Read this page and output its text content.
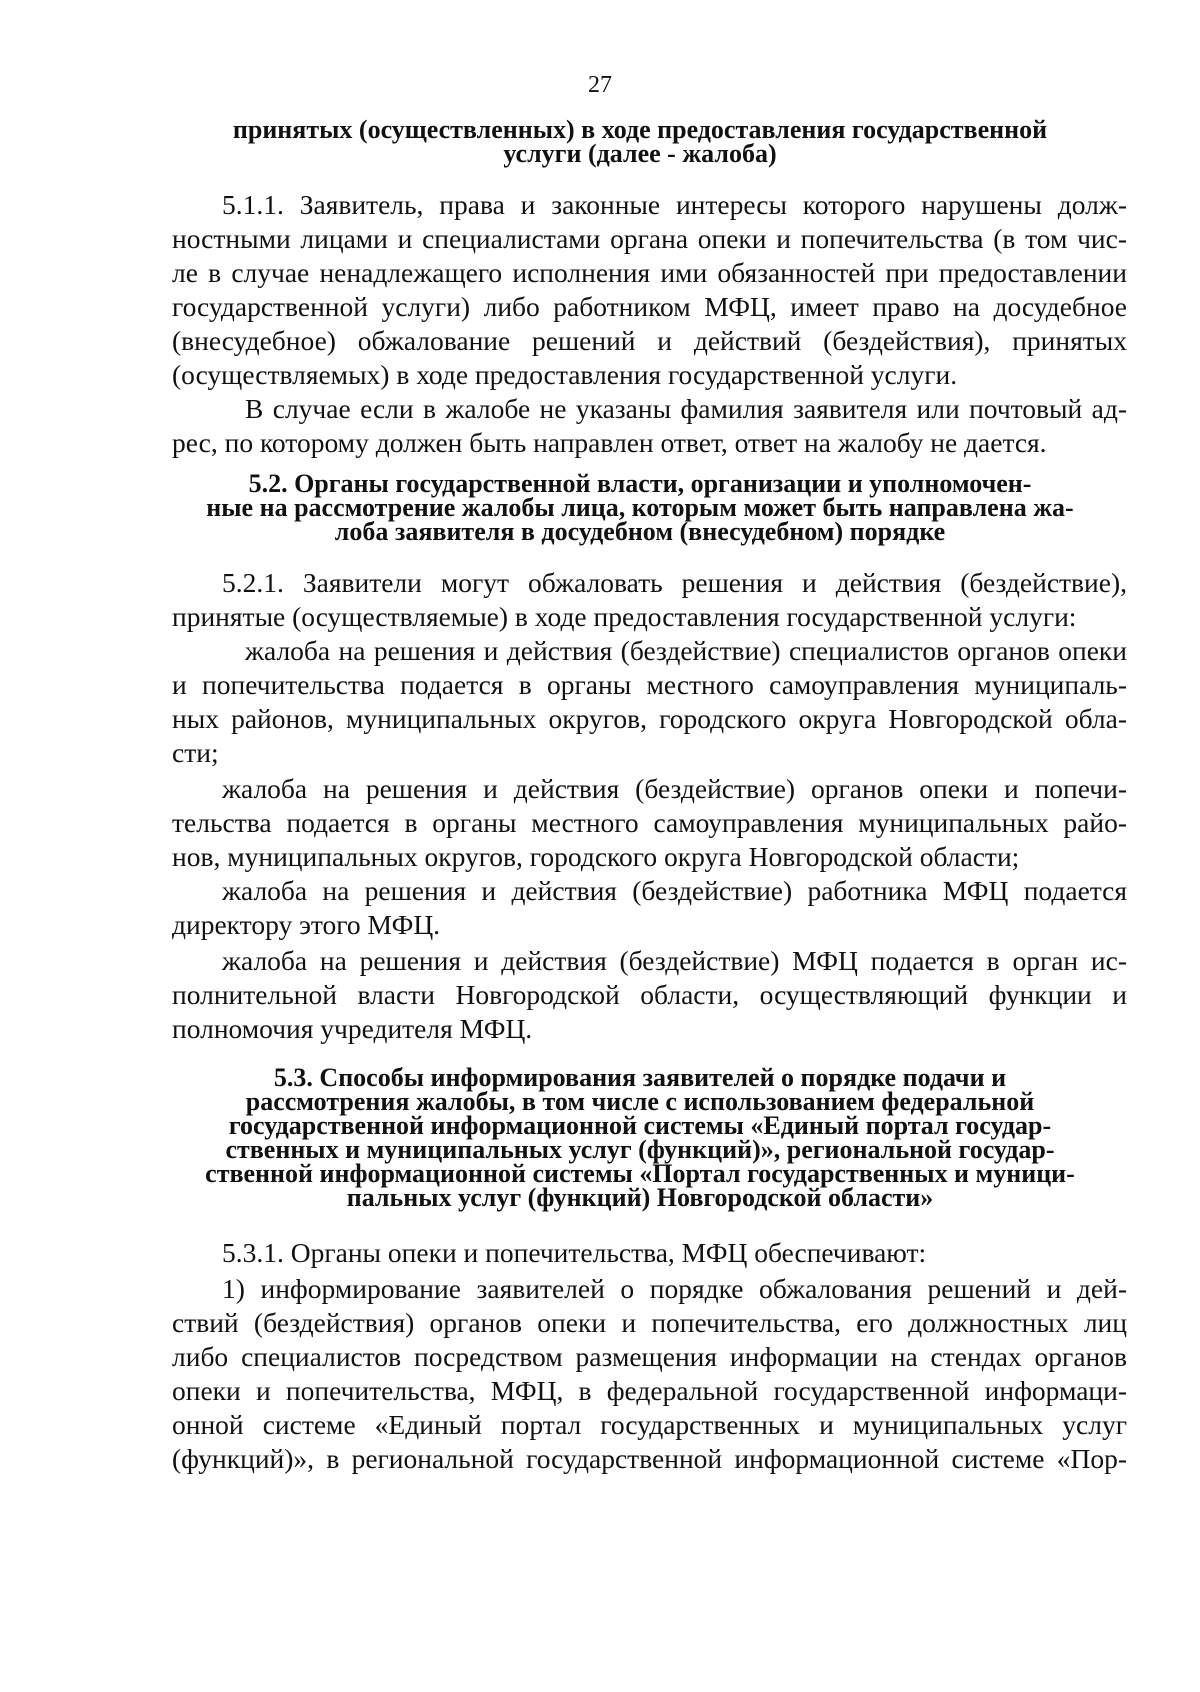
27
принятых (осуществленных) в ходе предоставления государственной
услуги (далее - жалоба)
5.1.1. Заявитель, права и законные интересы которого нарушены долж-
ностными лицами и специалистами органа опеки и попечительства (в том чис-
ле в случае ненадлежащего исполнения ими обязанностей при предоставлении
государственной услуги) либо работником МФЦ, имеет право на досудебное
(внесудебное) обжалование решений и действий (бездействия), принятых
(осуществляемых) в ходе предоставления государственной услуги.
В случае если в жалобе не указаны фамилия заявителя или почтовый ад-
рес, по которому должен быть направлен ответ, ответ на жалобу не дается.
5.2. Органы государственной власти, организации и уполномочен-
ные на рассмотрение жалобы лица, которым может быть направлена жа-
лоба заявителя в досудебном (внесудебном) порядке
5.2.1. Заявители могут обжаловать решения и действия (бездействие),
принятые (осуществляемые) в ходе предоставления государственной услуги:
жалоба на решения и действия (бездействие) специалистов органов опеки
и попечительства подается в органы местного самоуправления муниципаль-
ных районов, муниципальных округов, городского округа Новгородской обла-
сти;
жалоба на решения и действия (бездействие) органов опеки и попечи-
тельства подается в органы местного самоуправления муниципальных райо-
нов, муниципальных округов, городского округа Новгородской области;
жалоба на решения и действия (бездействие) работника МФЦ подается
директору этого МФЦ.
жалоба на решения и действия (бездействие) МФЦ подается в орган ис-
полнительной власти Новгородской области, осуществляющий функции и
полномочия учредителя МФЦ.
5.3. Способы информирования заявителей о порядке подачи и
рассмотрения жалобы, в том числе с использованием федеральной
государственной информационной системы «Единый портал государ-
ственных и муниципальных услуг (функций)», региональной государ-
ственной информационной системы «Портал государственных и муници-
пальных услуг (функций) Новгородской области»
5.3.1. Органы опеки и попечительства, МФЦ обеспечивают:
1) информирование заявителей о порядке обжалования решений и дей-
ствий (бездействия) органов опеки и попечительства, его должностных лиц
либо специалистов посредством размещения информации на стендах органов
опеки и попечительства, МФЦ, в федеральной государственной информаци-
онной системе «Единый портал государственных и муниципальных услуг
(функций)», в региональной государственной информационной системе «Пор-
